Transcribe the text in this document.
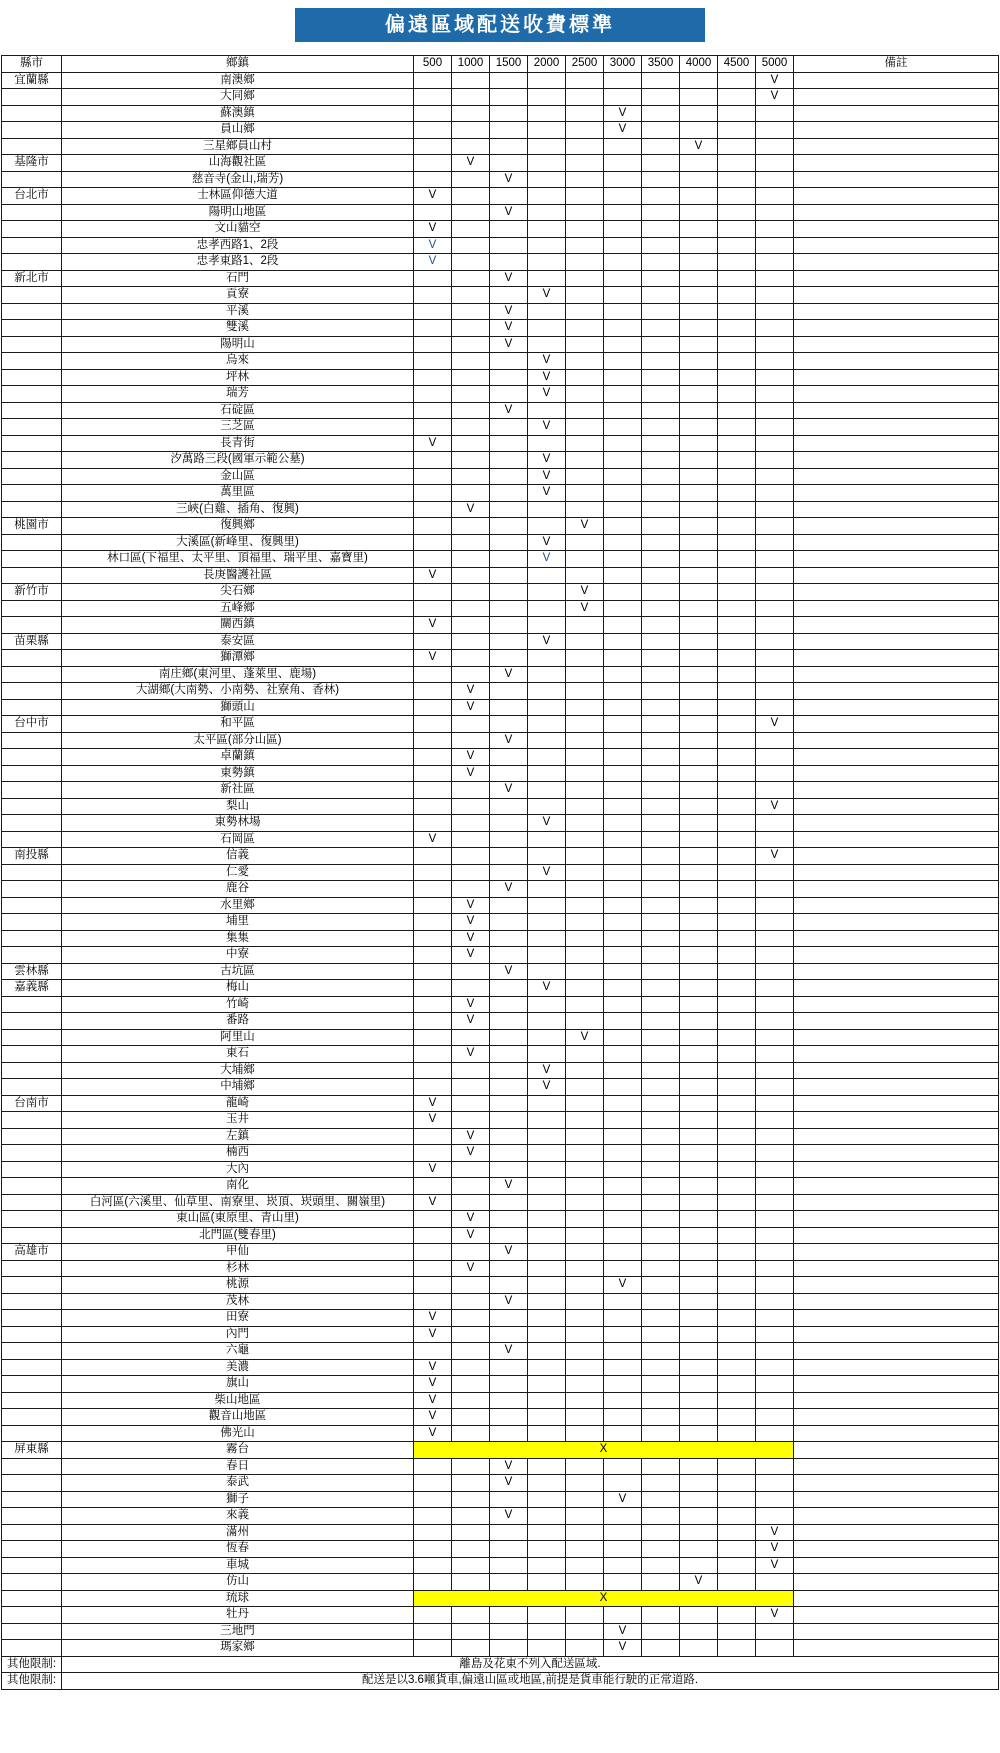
偏遠區域配送收費標準
縣市	鄉鎮	500	1000	1500	2000	2500	3000	3500	4000	4500	5000	備註
宜蘭縣	南澳鄉										V	
	大同鄉										V	
	蘇澳鎮						V					
	員山鄉						V					
	三星鄉員山村								V			
基隆市	山海觀社區		V									
	慈音寺(金山,瑞芳)			V								
台北市	士林區仰德大道	V										
	陽明山地區			V								
	文山貓空	V										
	忠孝西路1、2段	V										
	忠孝東路1、2段	V										
新北市	石門			V								
	貢寮				V							
	平溪			V								
	雙溪			V								
	陽明山			V								
	烏來				V							
	坪林				V							
	瑞芳				V							
	石碇區			V								
	三芝區				V							
	長青街	V										
	汐萬路三段(國軍示範公墓)				V							
	金山區				V							
	萬里區				V							
	三峽(白雞、插角、復興)		V									
桃園市	復興鄉					V						
	大溪區(新峰里、復興里)				V							
	林口區(下福里、太平里、頂福里、瑞平里、嘉寶里)				V							
	長庚醫護社區	V										
新竹市	尖石鄉					V						
	五峰鄉					V						
	關西鎮	V										
苗栗縣	泰安區				V							
	獅潭鄉	V										
	南庄鄉(東河里、蓬萊里、鹿場)			V								
	大湖鄉(大南勢、小南勢、社寮角、香林)		V									
	獅頭山		V									
台中市	和平區										V	
	太平區(部分山區)			V								
	卓蘭鎮		V									
	東勢鎮		V									
	新社區			V								
	梨山										V	
	東勢林場				V							
	石岡區	V										
南投縣	信義										V	
	仁愛				V							
	鹿谷			V								
	水里鄉		V									
	埔里		V									
	集集		V									
	中寮		V									
雲林縣	古坑區			V								
嘉義縣	梅山				V							
	竹崎		V									
	番路		V									
	阿里山					V						
	東石		V									
	大埔鄉				V							
	中埔鄉				V							
台南市	龍崎	V										
	玉井	V										
	左鎮		V									
	楠西		V									
	大內	V										
	南化			V								
	白河區(六溪里、仙草里、南寮里、崁頂、崁頭里、關嶺里)	V										
	東山區(東原里、青山里)		V									
	北門區(雙春里)		V									
高雄市	甲仙			V								
	杉林		V									
	桃源						V					
	茂林			V								
	田寮	V										
	內門	V										
	六龜			V								
	美濃	V										
	旗山	V										
	柴山地區	V										
	觀音山地區	V										
	佛光山	V										
屏東縣	霧台	X										
	春日			V								
	泰武			V								
	獅子						V					
	來義			V								
	滿州										V	
	恆春										V	
	車城										V	
	仿山								V			
	琉球	X										
	牡丹										V	
	三地門						V					
	瑪家鄉						V					
其他限制:	離島及花東不列入配送區域.											
其他限制:	配送是以3.6噸貨車,偏遠山區或地區,前提是貨車能行駛的正常道路.											
